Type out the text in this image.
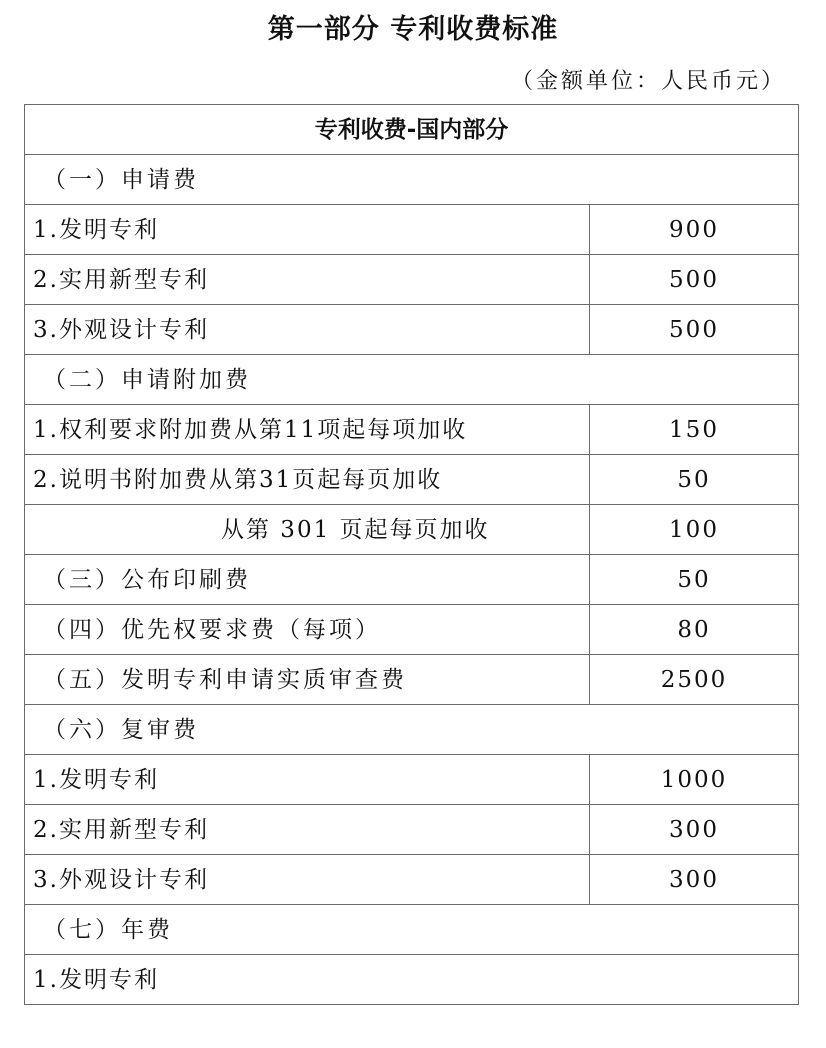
第一部分 专利收费标准
（金额单位：人民币元）
专利收费-国内部分	
（一）申请费	
1.发明专利	900
2.实用新型专利	500
3.外观设计专利	500
（二）申请附加费	
1.权利要求附加费从第11项起每项加收	150
2.说明书附加费从第31页起每页加收	50
从第 301 页起每页加收	100
（三）公布印刷费	50
（四）优先权要求费（每项）	80
（五）发明专利申请实质审查费	2500
（六）复审费	
1.发明专利	1000
2.实用新型专利	300
3.外观设计专利	300
（七）年费	
1.发明专利	
